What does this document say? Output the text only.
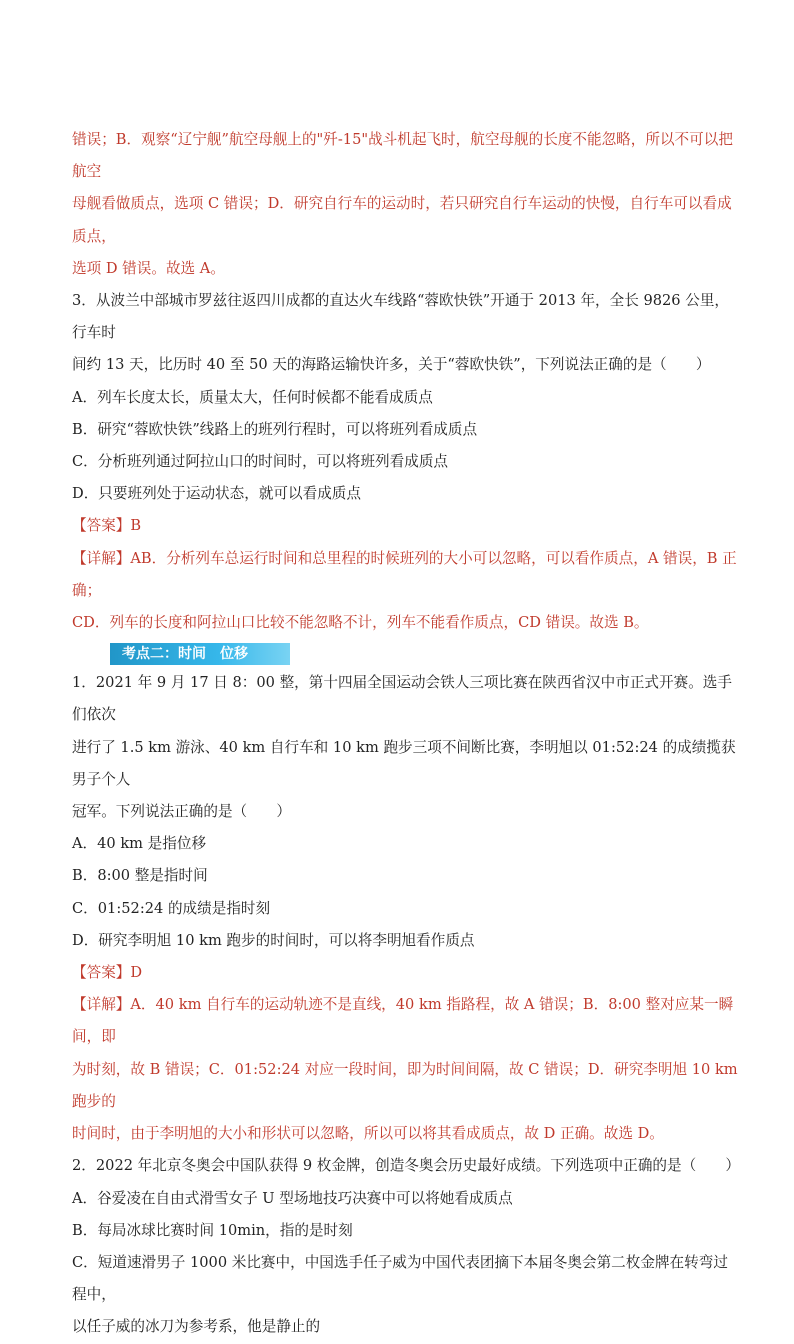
错误；B．观察“辽宁舰”航空母舰上的"歼-15"战斗机起飞时，航空母舰的长度不能忽略，所以不可以把航空

母舰看做质点，选项 C 错误；D．研究自行车的运动时，若只研究自行车运动的快慢，自行车可以看成质点，

选项 D 错误。故选 A。

3．从波兰中部城市罗兹往返四川成都的直达火车线路“蓉欧快铁”开通于 2013 年，全长 9826 公里，行车时

间约 13 天，比历时 40 至 50 天的海路运输快许多，关于“蓉欧快铁”，下列说法正确的是（　　）

A．列车长度太长，质量太大，任何时候都不能看成质点

B．研究“蓉欧快铁”线路上的班列行程时，可以将班列看成质点

C．分析班列通过阿拉山口的时间时，可以将班列看成质点

D．只要班列处于运动状态，就可以看成质点

【答案】B

【详解】AB．分析列车总运行时间和总里程的时候班列的大小可以忽略，可以看作质点，A 错误，B 正确；

CD．列车的长度和阿拉山口比较不能忽略不计，列车不能看作质点，CD 错误。故选 B。

考点二：时间　位移

1．2021 年 9 月 17 日 8：00 整，第十四届全国运动会铁人三项比赛在陕西省汉中市正式开赛。选手们依次

进行了 1.5 km 游泳、40 km 自行车和 10 km 跑步三项不间断比赛，李明旭以 01:52:24 的成绩揽获男子个人

冠军。下列说法正确的是（　　）

A．40 km 是指位移

B．8:00 整是指时间

C．01:52:24 的成绩是指时刻

D．研究李明旭 10 km 跑步的时间时，可以将李明旭看作质点

【答案】D

【详解】A．40 km 自行车的运动轨迹不是直线，40 km 指路程，故 A 错误；B．8:00 整对应某一瞬间，即

为时刻，故 B 错误；C．01:52:24 对应一段时间，即为时间间隔，故 C 错误；D．研究李明旭 10 km 跑步的

时间时，由于李明旭的大小和形状可以忽略，所以可以将其看成质点，故 D 正确。故选 D。

2．2022 年北京冬奥会中国队获得 9 枚金牌，创造冬奥会历史最好成绩。下列选项中正确的是（　　）

A．谷爱凌在自由式滑雪女子 U 型场地技巧决赛中可以将她看成质点

B．每局冰球比赛时间 10min，指的是时刻

C．短道速滑男子 1000 米比赛中，中国选手任子威为中国代表团摘下本届冬奥会第二枚金牌在转弯过程中，

以任子威的冰刀为参考系，他是静止的
